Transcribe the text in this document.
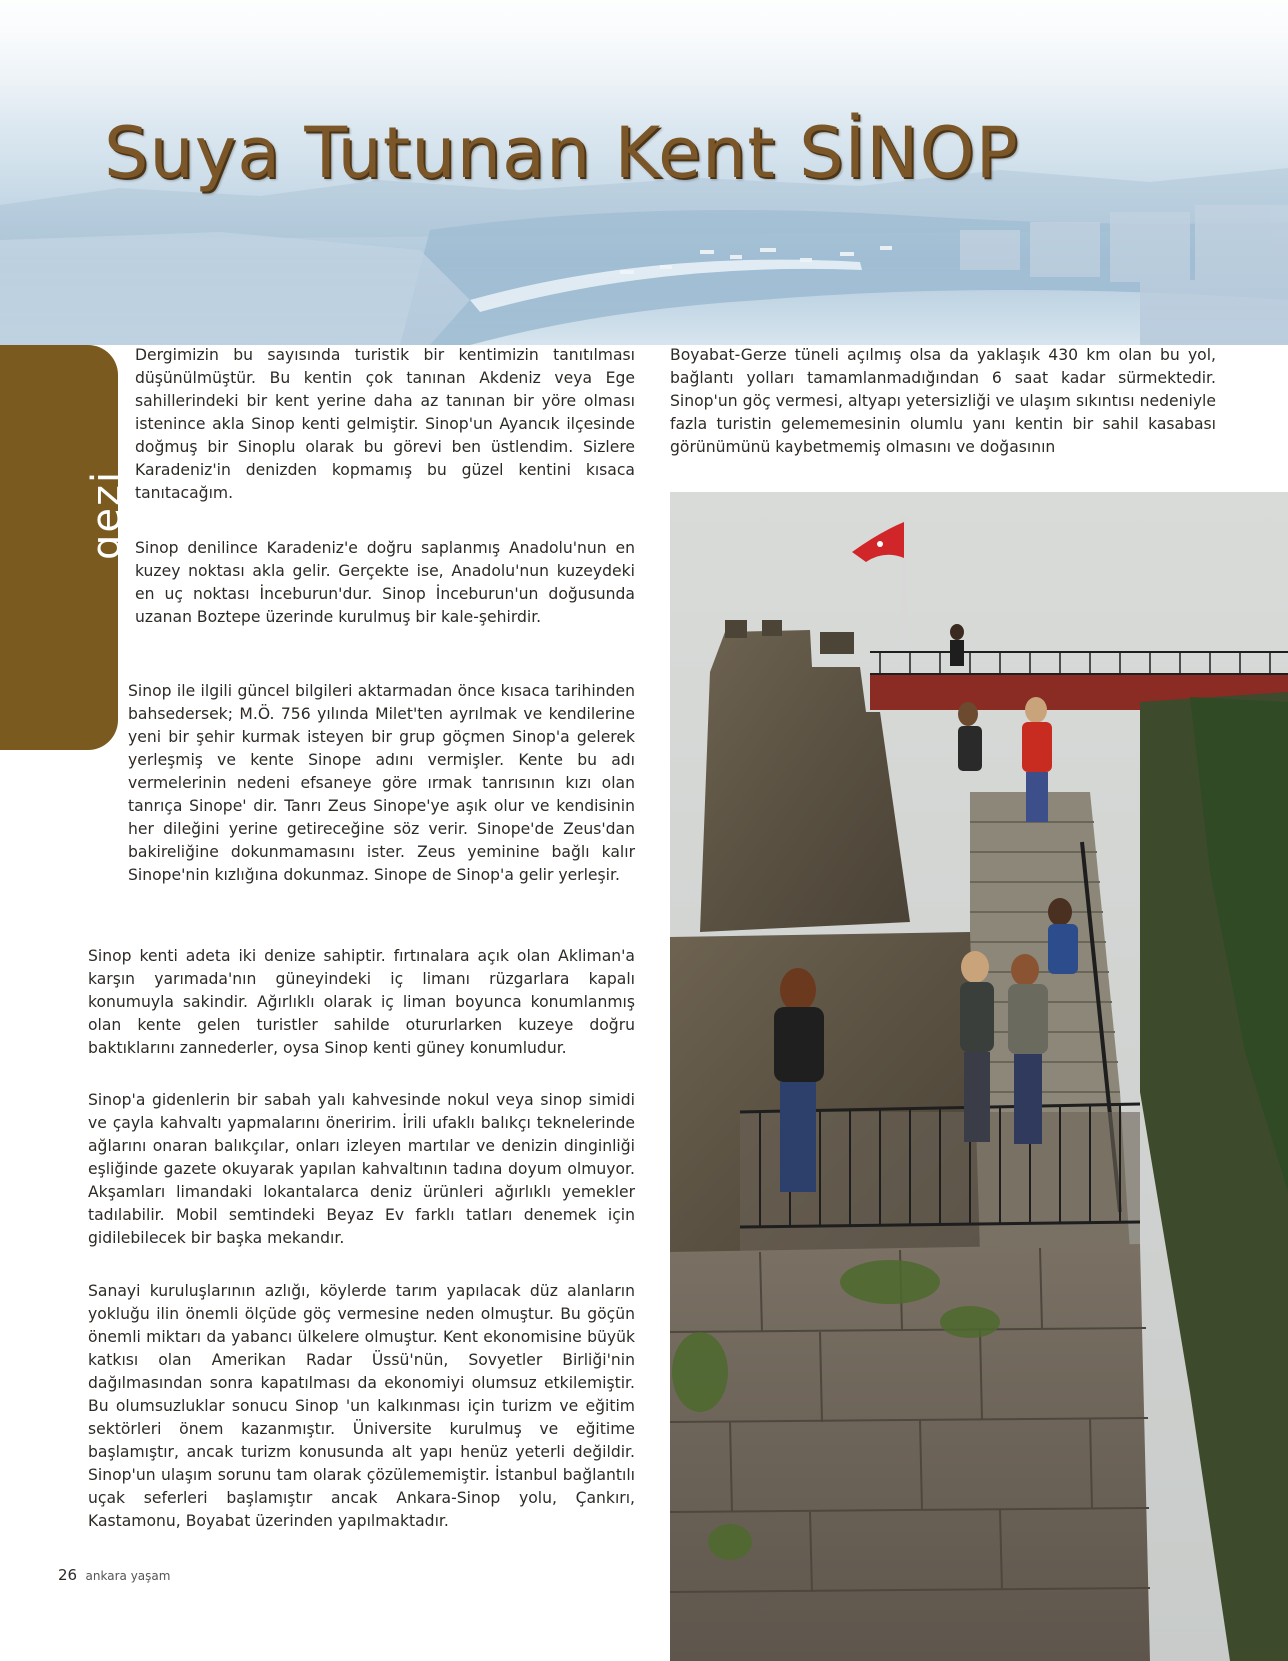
Suya Tutunan Kent SİNOP
gezi

Dergimizin bu sayısında turistik bir kentimizin tanıtılması düşünülmüştür. Bu kentin çok tanınan Akdeniz veya Ege sahillerindeki bir kent yerine daha az tanınan bir yöre olması istenince akla Sinop kenti gelmiştir. Sinop'un Ayancık ilçesinde doğmuş bir Sinoplu olarak bu görevi ben üstlendim. Sizlere Karadeniz'in denizden kopmamış bu güzel kentini kısaca tanıtacağım.

Sinop denilince Karadeniz'e doğru saplanmış Anadolu'nun en kuzey noktası akla gelir. Gerçekte ise, Anadolu'nun kuzeydeki en uç noktası İnceburun'dur. Sinop İnceburun'un doğusunda uzanan Boztepe üzerinde kurulmuş bir kale-şehirdir.

Sinop ile ilgili güncel bilgileri aktarmadan önce kısaca tarihinden bahsedersek; M.Ö. 756 yılında Milet'ten ayrılmak ve kendilerine yeni bir şehir kurmak isteyen bir grup göçmen Sinop'a gelerek yerleşmiş ve kente Sinope adını vermişler. Kente bu adı vermelerinin nedeni efsaneye göre ırmak tanrısının kızı olan tanrıça Sinope' dir. Tanrı Zeus Sinope'ye aşık olur ve kendisinin her dileğini yerine getireceğine söz verir. Sinope'de Zeus'dan bakireliğine dokunmamasını ister. Zeus yeminine bağlı kalır Sinope'nin kızlığına dokunmaz. Sinope de Sinop'a gelir yerleşir.

Sinop kenti adeta iki denize sahiptir. fırtınalara açık olan Akliman'a karşın yarımada'nın güneyindeki iç limanı rüzgarlara kapalı konumuyla sakindir. Ağırlıklı olarak iç liman boyunca konumlanmış olan kente gelen turistler sahilde otururlarken kuzeye doğru baktıklarını zannederler, oysa Sinop kenti güney konumludur.

Sinop'a gidenlerin bir sabah yalı kahvesinde nokul veya sinop simidi ve çayla kahvaltı yapmalarını öneririm. İrili ufaklı balıkçı teknelerinde ağlarını onaran balıkçılar, onları izleyen martılar ve denizin dinginliği eşliğinde gazete okuyarak yapılan kahvaltının tadına doyum olmuyor. Akşamları limandaki lokantalarca deniz ürünleri ağırlıklı yemekler tadılabilir. Mobil semtindeki Beyaz Ev farklı tatları denemek için gidilebilecek bir başka mekandır.

Sanayi kuruluşlarının azlığı, köylerde tarım yapılacak düz alanların yokluğu ilin önemli ölçüde göç vermesine neden olmuştur. Bu göçün önemli miktarı da yabancı ülkelere olmuştur. Kent ekonomisine büyük katkısı olan Amerikan Radar Üssü'nün, Sovyetler Birliği'nin dağılmasından sonra kapatılması da ekonomiyi olumsuz etkilemiştir. Bu olumsuzluklar sonucu Sinop 'un kalkınması için turizm ve eğitim sektörleri önem kazanmıştır. Üniversite kurulmuş ve eğitime başlamıştır, ancak turizm konusunda alt yapı henüz yeterli değildir. Sinop'un ulaşım sorunu tam olarak çözülememiştir. İstanbul bağlantılı uçak seferleri başlamıştır ancak Ankara-Sinop yolu, Çankırı, Kastamonu, Boyabat üzerinden yapılmaktadır.

Boyabat-Gerze tüneli açılmış olsa da yaklaşık 430 km olan bu yol, bağlantı yolları tamamlanmadığından 6 saat kadar sürmektedir. Sinop'un göç vermesi, altyapı yetersizliği ve ulaşım sıkıntısı nedeniyle fazla turistin gelememesinin olumlu yanı kentin bir sahil kasabası görünümünü kaybetmemiş olmasını ve doğasının

26 ankara yaşam
